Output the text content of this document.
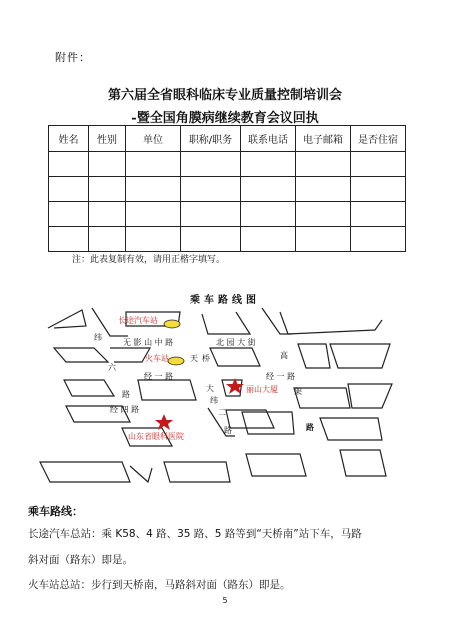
附件：
第六届全省眼科临床专业质量控制培训会
-暨全国角膜病继续教育会议回执
姓名	性别	单位	职称/职务	联系电话	电子邮箱	是否住宿

注：此表复制有效，请用正楷字填写。
乘车路线图
长途汽车站
纬
无 影 山 中 路	北 园 大 街
火车站	天 桥	高
六
经 一 路	经 一 路
大	丽山大厦 架
路
纬
经 四 路	二
路
路
山东省眼科医院
乘车路线：
长途汽车总站：乘 K58、4 路、35 路、5 路等到“天桥南”站下车，马路
斜对面（路东）即是。
火车站总站：步行到天桥南，马路斜对面（路东）即是。
5
